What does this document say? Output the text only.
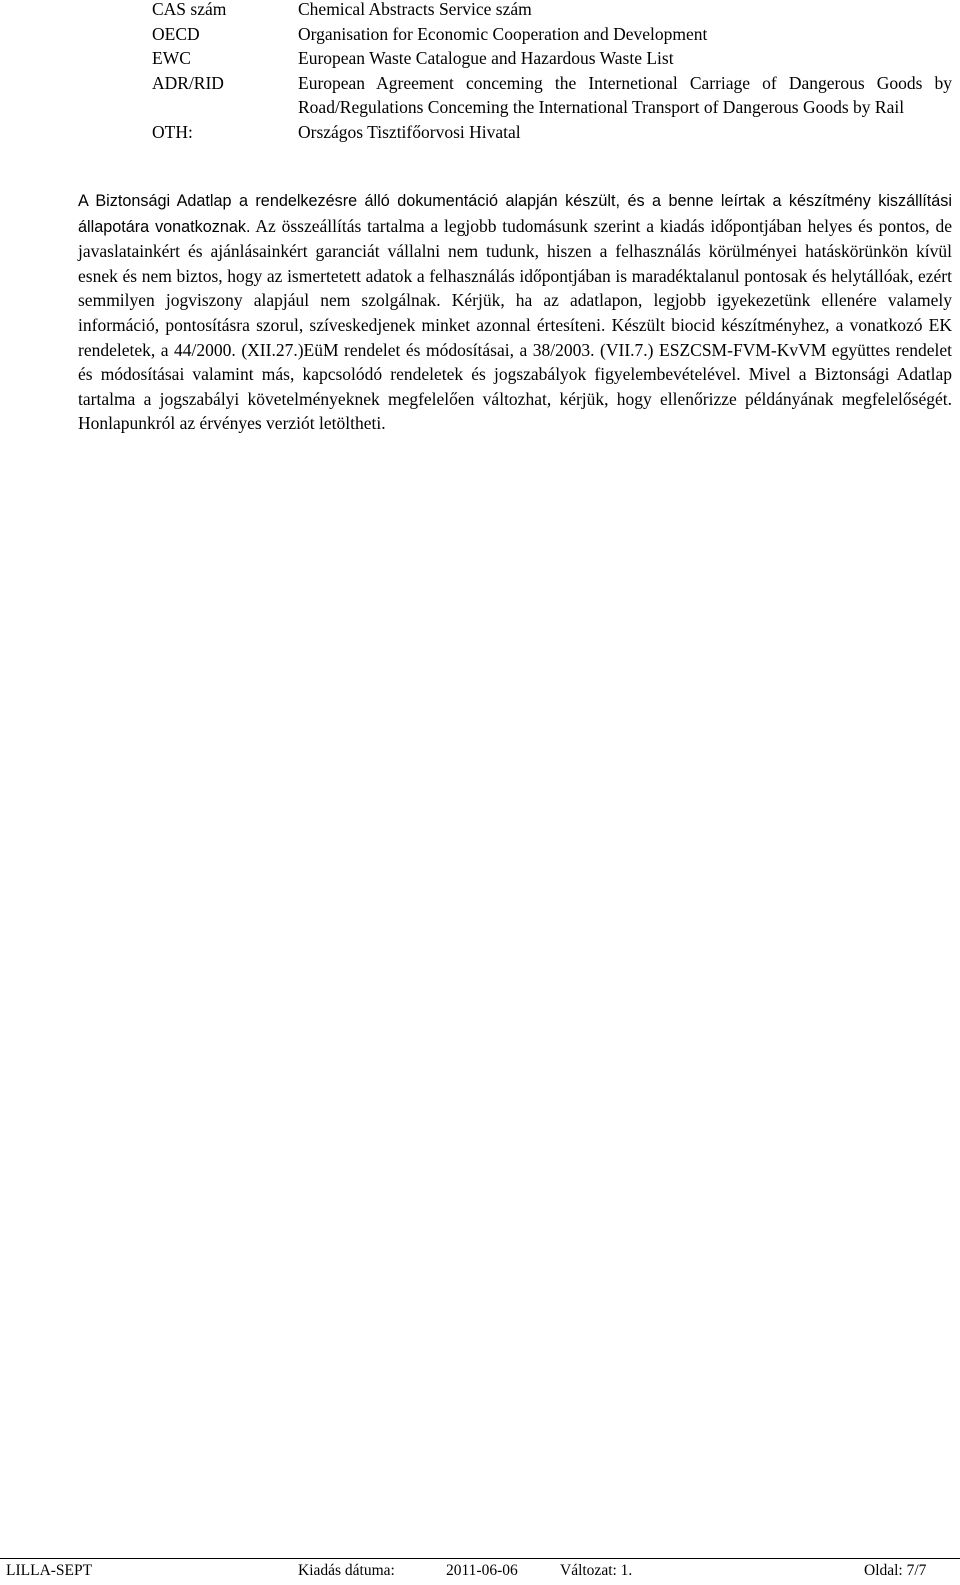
CAS szám	Chemical Abstracts Service szám
OECD	Organisation for Economic Cooperation and Development
EWC	European Waste Catalogue and Hazardous Waste List
ADR/RID	European Agreement conceming the Internetional Carriage of Dangerous Goods by Road/Regulations Conceming the International Transport of Dangerous Goods by Rail
OTH:	Országos Tisztifőorvosi Hivatal

A Biztonsági Adatlap a rendelkezésre álló dokumentáció alapján készült, és a benne leírtak a készítmény kiszállítási állapotára vonatkoznak. Az összeállítás tartalma a legjobb tudomásunk szerint a kiadás időpontjában helyes és pontos, de javaslatainkért és ajánlásainkért garanciát vállalni nem tudunk, hiszen a felhasználás körülményei hatáskörünkön kívül esnek és nem biztos, hogy az ismertetett adatok a felhasználás időpontjában is maradéktalanul pontosak és helytállóak, ezért semmilyen jogviszony alapjául nem szolgálnak. Kérjük, ha az adatlapon, legjobb igyekezetünk ellenére valamely információ, pontosításra szorul, szíveskedjenek minket azonnal értesíteni. Készült biocid készítményhez, a vonatkozó EK rendeletek, a 44/2000. (XII.27.)EüM rendelet és módosításai, a 38/2003. (VII.7.) ESZCSM-FVM-KvVM együttes rendelet és módosításai valamint más, kapcsolódó rendeletek és jogszabályok figyelembevételével. Mivel a Biztonsági Adatlap tartalma a jogszabályi követelményeknek megfelelően változhat, kérjük, hogy ellenőrizze példányának megfelelőségét. Honlapunkról az érvényes verziót letöltheti.

LILLA-SEPT	Kiadás dátuma:	2011-06-06	Változat: 1.	Oldal: 7/7
